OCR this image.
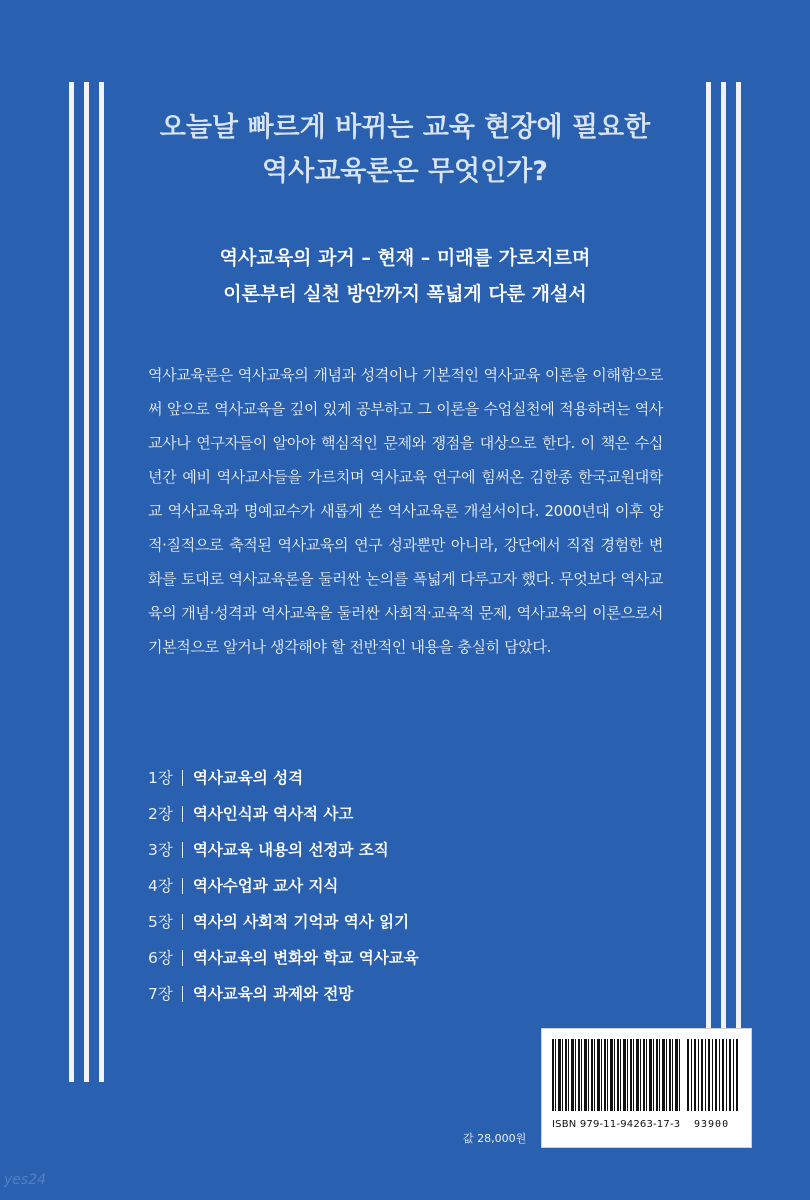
오늘날 빠르게 바뀌는 교육 현장에 필요한
역사교육론은 무엇인가?
역사교육의 과거 – 현재 – 미래를 가로지르며
이론부터 실천 방안까지 폭넓게 다룬 개설서

역사교육론은 역사교육의 개념과 성격이나 기본적인 역사교육 이론을 이해함으로써 앞으로 역사교육을 깊이 있게 공부하고 그 이론을 수업실천에 적용하려는 역사교사나 연구자들이 알아야 핵심적인 문제와 쟁점을 대상으로 한다. 이 책은 수십 년간 예비 역사교사들을 가르치며 역사교육 연구에 힘써온 김한종 한국교원대학교 역사교육과 명예교수가 새롭게 쓴 역사교육론 개설서이다. 2000년대 이후 양적·질적으로 축적된 역사교육의 연구 성과뿐만 아니라, 강단에서 직접 경험한 변화를 토대로 역사교육론을 둘러싼 논의를 폭넓게 다루고자 했다. 무엇보다 역사교육의 개념·성격과 역사교육을 둘러싼 사회적·교육적 문제, 역사교육의 이론으로서 기본적으로 알거나 생각해야 할 전반적인 내용을 충실히 담았다.

1장 역사교육의 성격
2장 역사인식과 역사적 사고
3장 역사교육 내용의 선정과 조직
4장 역사수업과 교사 지식
5장 역사의 사회적 기억과 역사 읽기
6장 역사교육의 변화와 학교 역사교육
7장 역사교육의 과제와 전망
ISBN 979-11-94263-17-3 93900
값 28,000원
yes24
